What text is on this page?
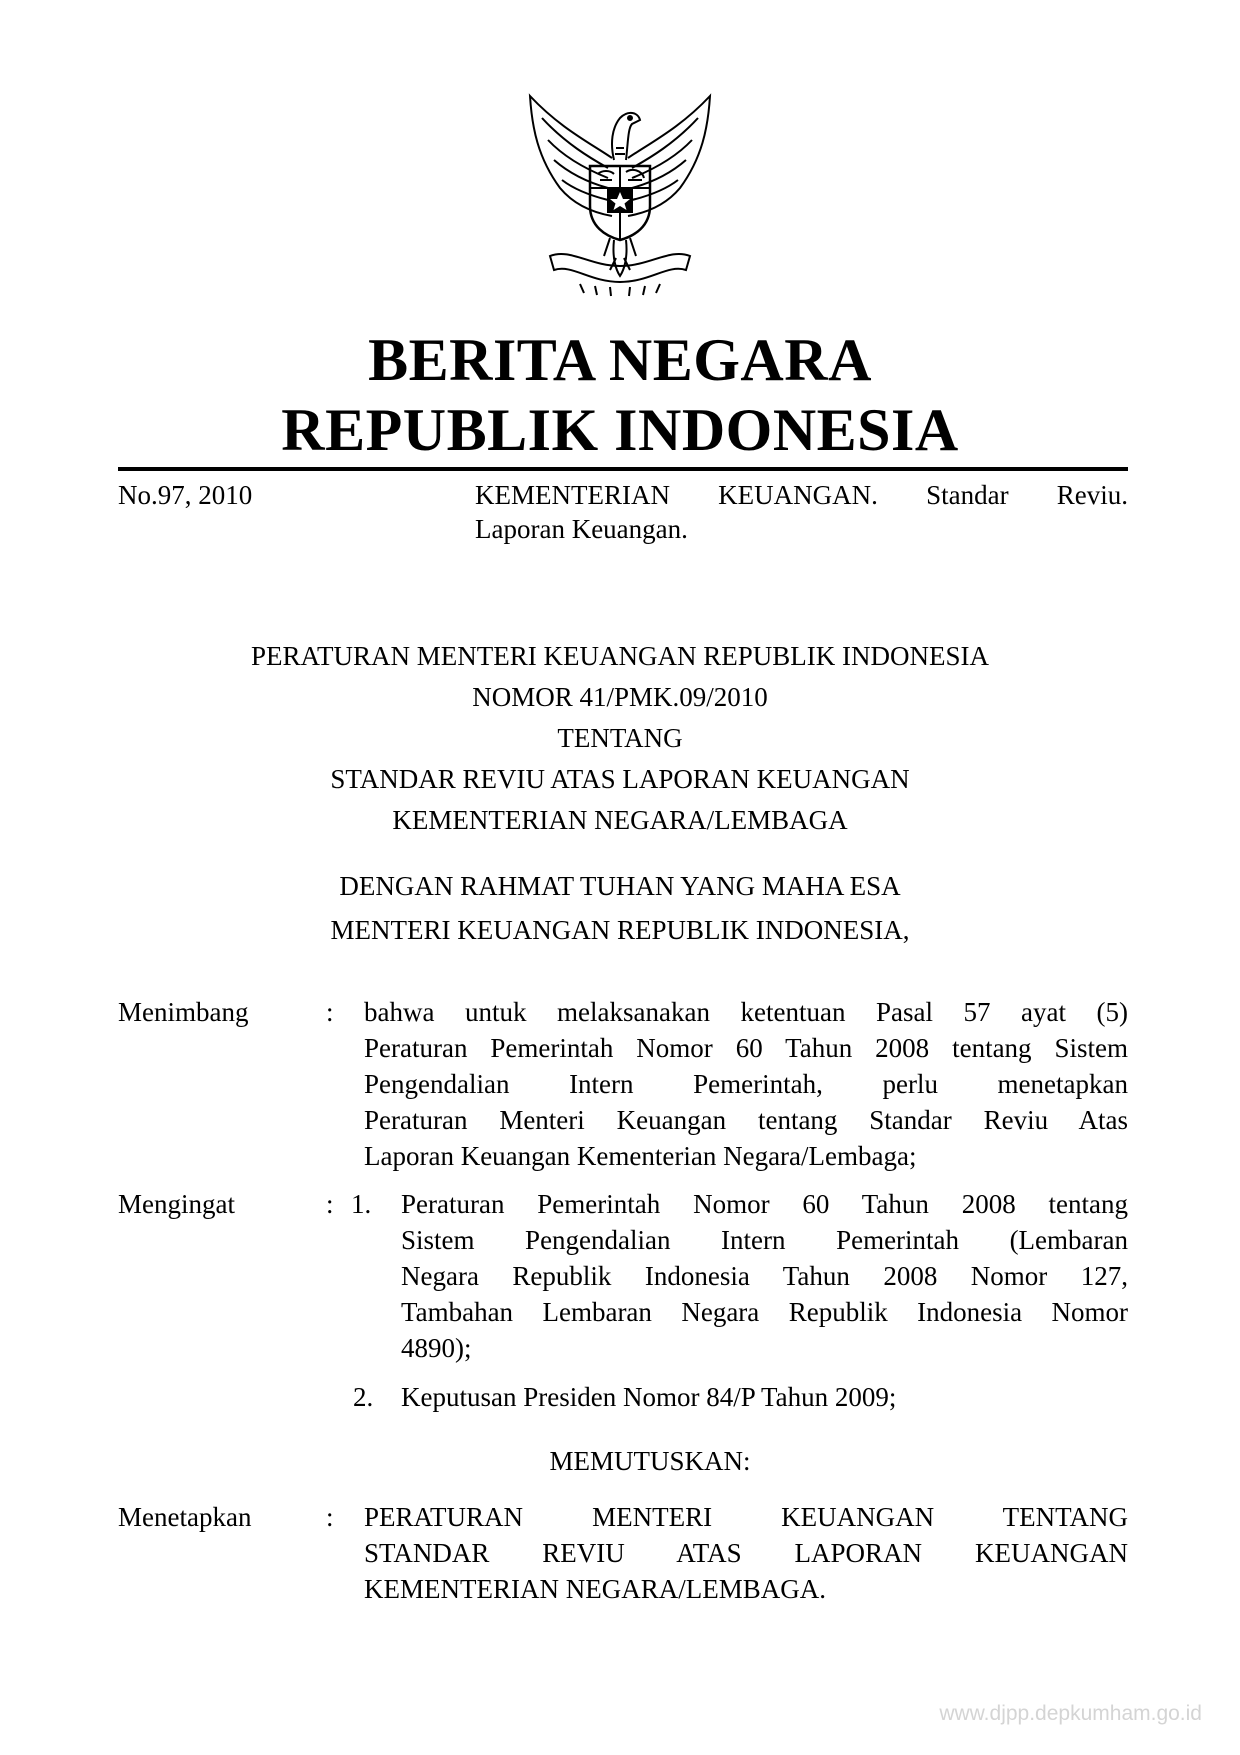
BERITA NEGARA
REPUBLIK INDONESIA
No.97, 2010	KEMENTERIAN KEUANGAN. Standar Reviu.
Laporan Keuangan.
PERATURAN MENTERI KEUANGAN REPUBLIK INDONESIA
NOMOR 41/PMK.09/2010
TENTANG
STANDAR REVIU ATAS LAPORAN KEUANGAN
KEMENTERIAN NEGARA/LEMBAGA
DENGAN RAHMAT TUHAN YANG MAHA ESA
MENTERI KEUANGAN REPUBLIK INDONESIA,
Menimbang	: bahwa untuk melaksanakan ketentuan Pasal 57 ayat (5)
Peraturan Pemerintah Nomor 60 Tahun 2008 tentang Sistem
Pengendalian Intern Pemerintah, perlu menetapkan
Peraturan Menteri Keuangan tentang Standar Reviu Atas
Laporan Keuangan Kementerian Negara/Lembaga;
Mengingat	: 1. Peraturan Pemerintah Nomor 60 Tahun 2008 tentang
Sistem Pengendalian Intern Pemerintah (Lembaran
Negara Republik Indonesia Tahun 2008 Nomor 127,
Tambahan Lembaran Negara Republik Indonesia Nomor
4890);
2. Keputusan Presiden Nomor 84/P Tahun 2009;
MEMUTUSKAN:
Menetapkan	: PERATURAN MENTERI KEUANGAN TENTANG
STANDAR REVIU ATAS LAPORAN KEUANGAN
KEMENTERIAN NEGARA/LEMBAGA.
www.djpp.depkumham.go.id
